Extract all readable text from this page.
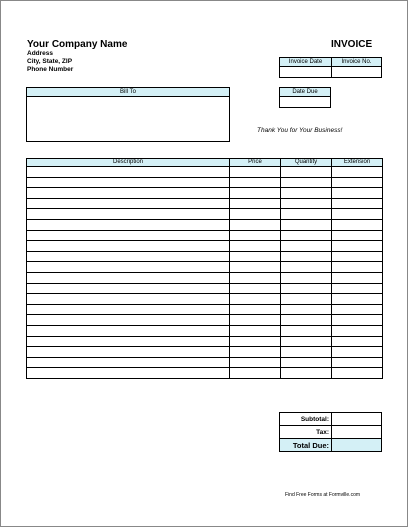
Your Company Name
Address
City, State, ZIP
Phone Number
INVOICE
Invoice Date	Invoice No.
Date Due
Bill To
Thank You for Your Business!
Description	Price	Quantity	Extension

Subtotal:	
Tax:	
Total Due:	
Find Free Forms at Formville.com
